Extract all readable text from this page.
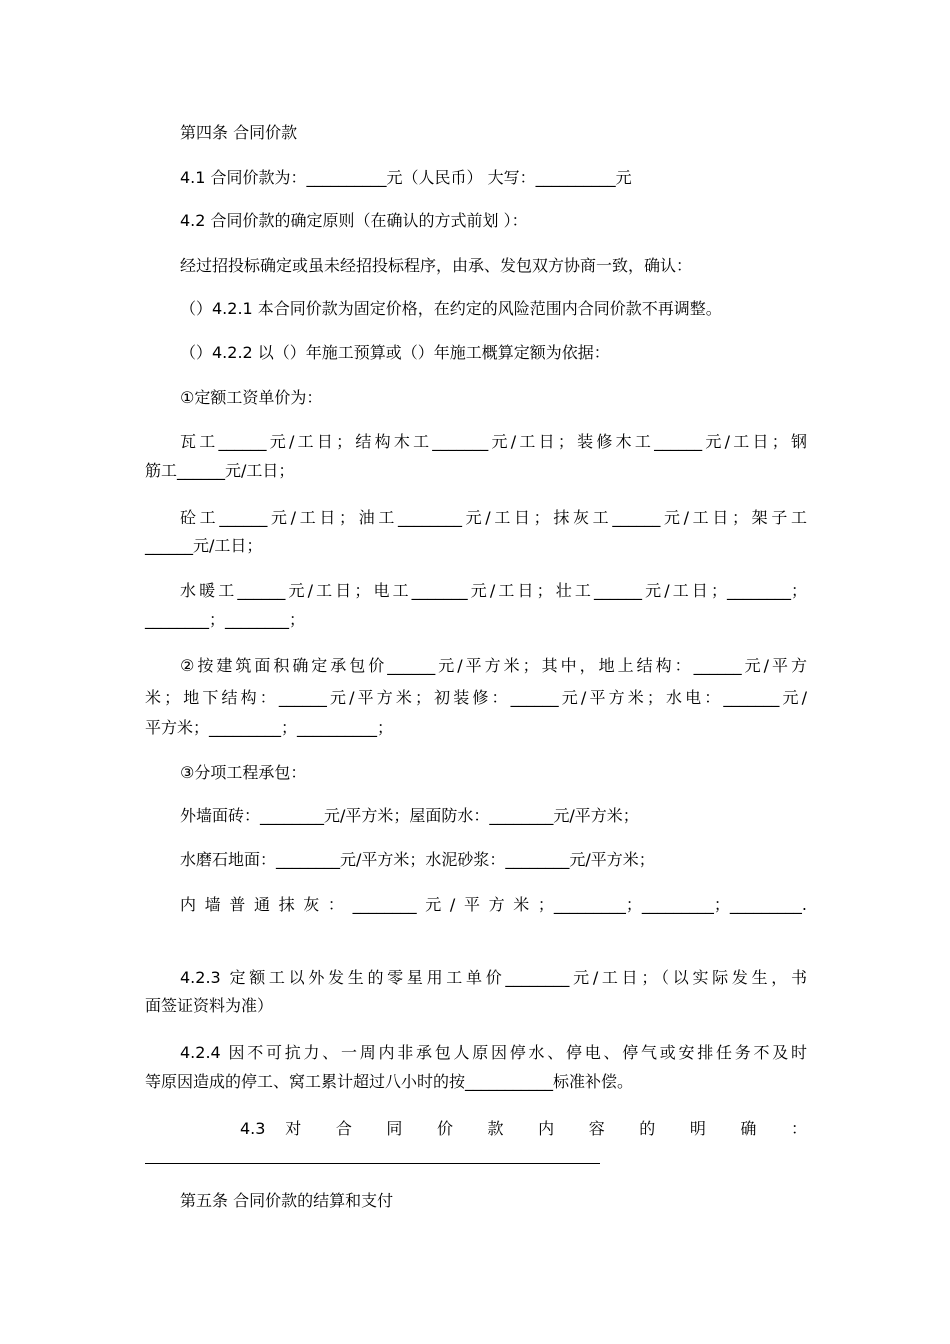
第四条 合同价款
4.1 合同价款为：__________元（人民币） 大写：__________元
4.2 合同价款的确定原则（在确认的方式前划 ）：
经过招投标确定或虽未经招投标程序，由承、发包双方协商一致，确认：
（）4.2.1 本合同价款为固定价格，在约定的风险范围内合同价款不再调整。
（）4.2.2 以（）年施工预算或（）年施工概算定额为依据：
①定额工资单价为：
瓦工______元/工日；结构木工_______元/工日；装修木工______元/工日；钢
筋工______元/工日；
砼工______元/工日；油工________元/工日；抹灰工______元/工日；架子工
______元/工日；
水暖工______元/工日；电工_______元/工日；壮工______元/工日；________；
________；________；
②按建筑面积确定承包价______元/平方米；其中，地上结构：______元/平方
米；地下结构：______元/平方米；初装修：______元/平方米；水电：_______元/
平方米；_________；__________；
③分项工程承包：
外墙面砖：________元/平方米；屋面防水：________元/平方米；
水磨石地面：________元/平方米；水泥砂浆：________元/平方米；
内墙普通抹灰：________元/平方米；_________；_________；_________.
4.2.3 定额工以外发生的零星用工单价________元/工日；（以实际发生，书
面签证资料为准）
4.2.4 因不可抗力、一周内非承包人原因停水、停电、停气或安排任务不及时
等原因造成的停工、窝工累计超过八小时的按___________标准补偿。
4.3 对 合 同 价 款 内 容 的 明 确 ：
第五条 合同价款的结算和支付
